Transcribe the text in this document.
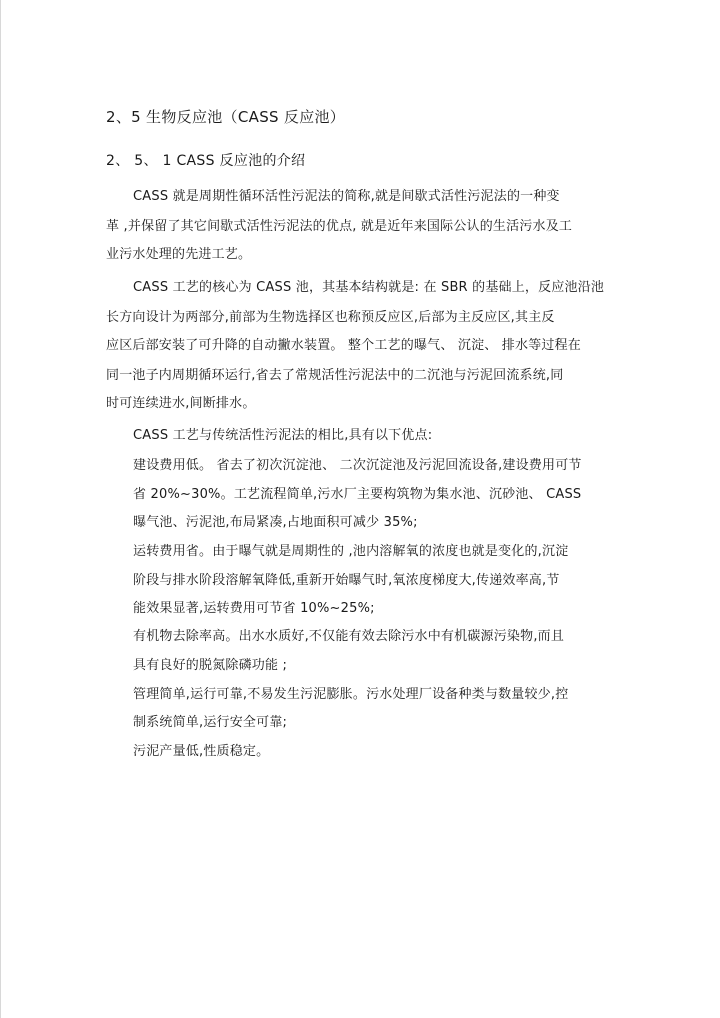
2、5 生物反应池（CASS 反应池）
2、 5、 1 CASS 反应池的介绍
CASS 就是周期性循环活性污泥法的简称,就是间歇式活性污泥法的一种变
革 ,并保留了其它间歇式活性污泥法的优点, 就是近年来国际公认的生活污水及工
业污水处理的先进工艺。
CASS 工艺的核心为 CASS 池，其基本结构就是: 在 SBR 的基础上，反应池沿池
长方向设计为两部分,前部为生物选择区也称预反应区,后部为主反应区,其主反
应区后部安装了可升降的自动撇水装置。 整个工艺的曝气、 沉淀、 排水等过程在
同一池子内周期循环运行,省去了常规活性污泥法中的二沉池与污泥回流系统,同
时可连续进水,间断排水。
CASS 工艺与传统活性污泥法的相比,具有以下优点:
建设费用低。 省去了初次沉淀池、 二次沉淀池及污泥回流设备,建设费用可节
省 20%~30%。工艺流程简单,污水厂主要构筑物为集水池、沉砂池、 CASS
曝气池、污泥池,布局紧凑,占地面积可减少 35%;
运转费用省。由于曝气就是周期性的 ,池内溶解氧的浓度也就是变化的,沉淀
阶段与排水阶段溶解氧降低,重新开始曝气时,氧浓度梯度大,传递效率高,节
能效果显著,运转费用可节省 10%~25%;
有机物去除率高。出水水质好,不仅能有效去除污水中有机碳源污染物,而且
具有良好的脱氮除磷功能 ;
管理简单,运行可靠,不易发生污泥膨胀。污水处理厂设备种类与数量较少,控
制系统简单,运行安全可靠;
污泥产量低,性质稳定。
